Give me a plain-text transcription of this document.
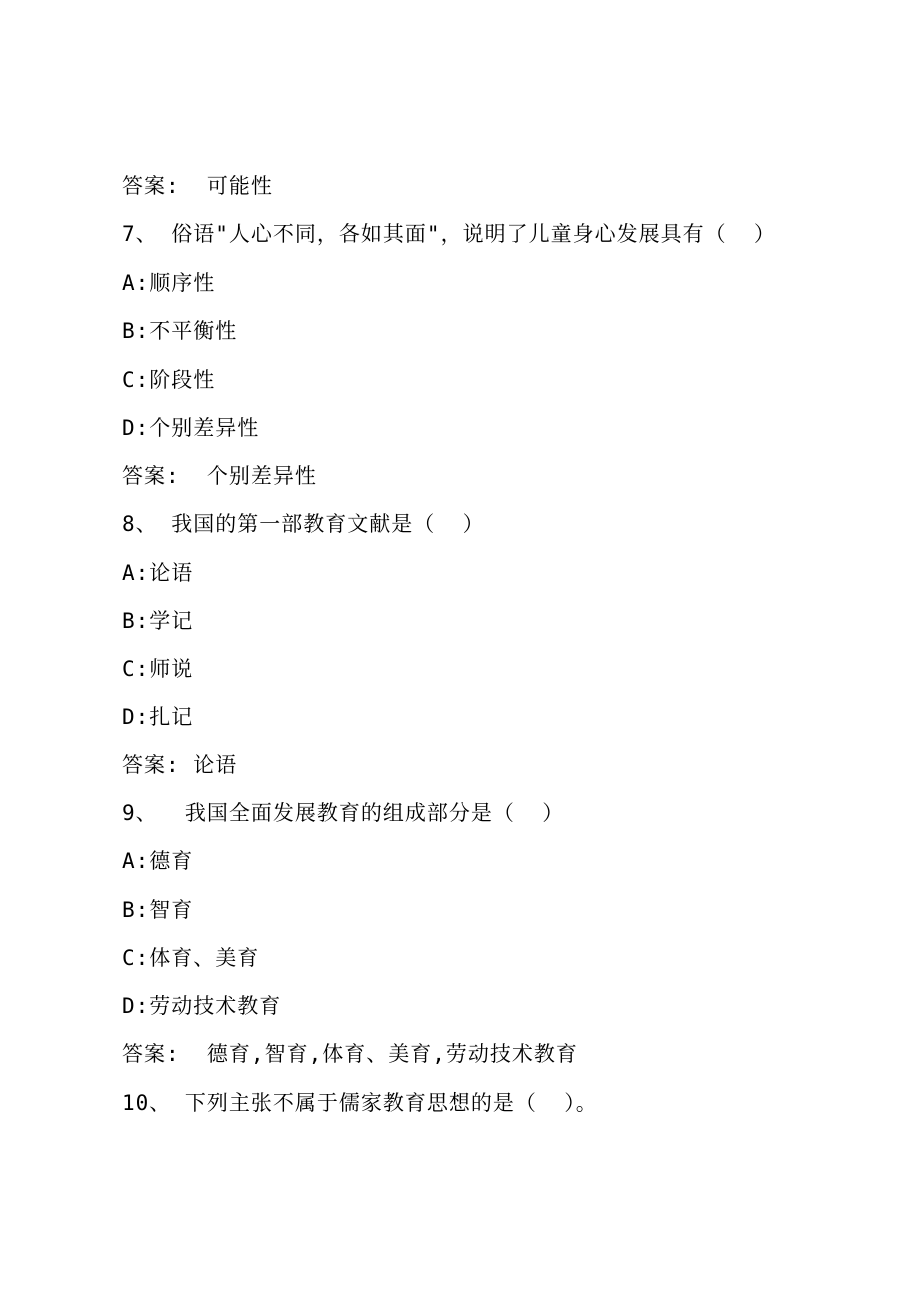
答案:  可能性
7、 俗语"人心不同，各如其面"，说明了儿童身心发展具有（  ）
A:顺序性
B:不平衡性
C:阶段性
D:个别差异性
答案:  个别差异性
8、 我国的第一部教育文献是（  ）
A:论语
B:学记
C:师说
D:扎记
答案: 论语
9、  我国全面发展教育的组成部分是（  ）
A:德育
B:智育
C:体育、美育
D:劳动技术教育
答案:  德育,智育,体育、美育,劳动技术教育
10、 下列主张不属于儒家教育思想的是（  ）。
